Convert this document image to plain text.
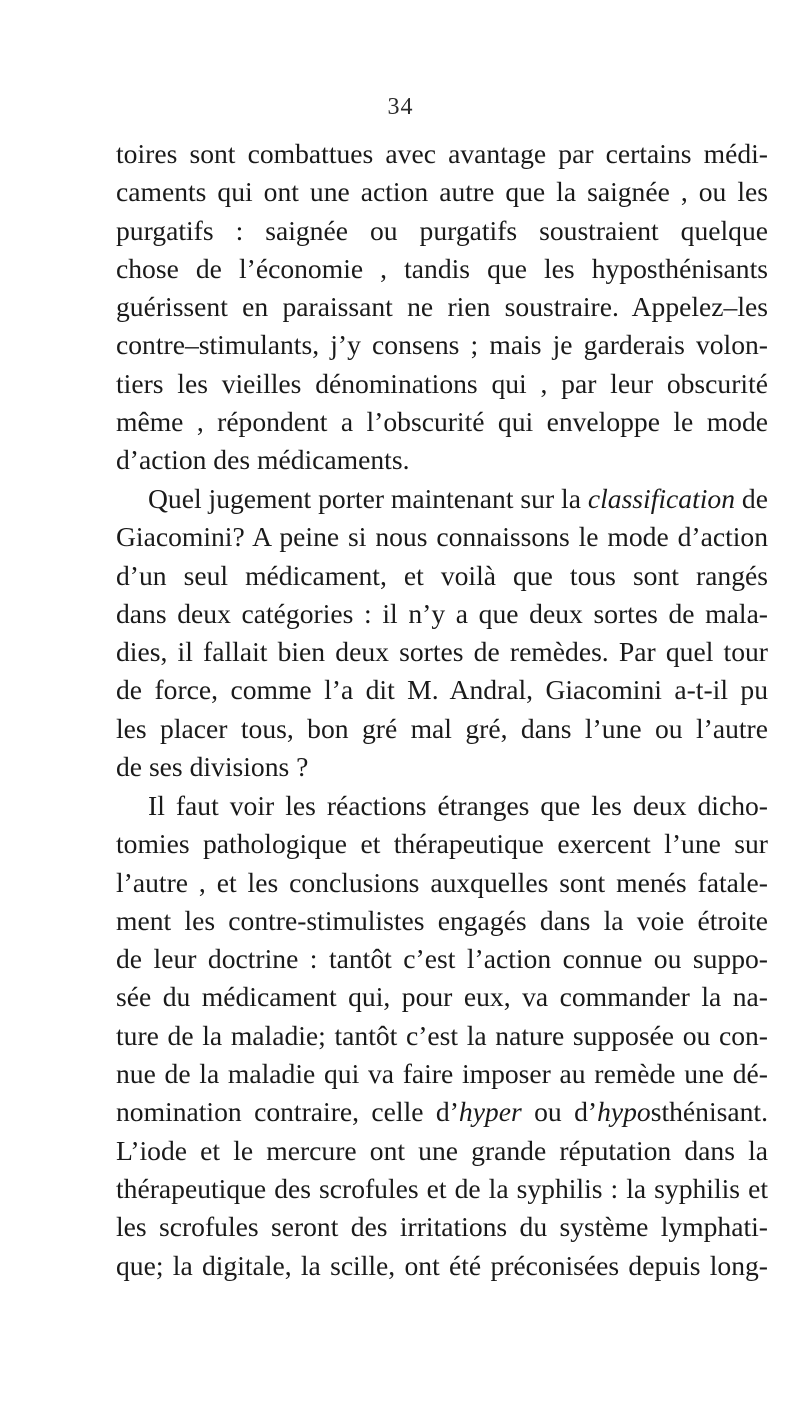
34
toires sont combattues avec avantage par certains médi-
caments qui ont une action autre que la saignée , ou les
purgatifs : saignée ou purgatifs soustraient quelque
chose de l’économie , tandis que les hyposthénisants
guérissent en paraissant ne rien soustraire. Appelez–les
contre–stimulants, j’y consens ; mais je garderais volon-
tiers les vieilles dénominations qui , par leur obscurité
même , répondent a l’obscurité qui enveloppe le mode
d’action des médicaments.
Quel jugement porter maintenant sur la classification de
Giacomini? A peine si nous connaissons le mode d’action
d’un seul médicament, et voilà que tous sont rangés
dans deux catégories : il n’y a que deux sortes de mala-
dies, il fallait bien deux sortes de remèdes. Par quel tour
de force, comme l’a dit M. Andral, Giacomini a-t-il pu
les placer tous, bon gré mal gré, dans l’une ou l’autre
de ses divisions ?
Il faut voir les réactions étranges que les deux dicho-
tomies pathologique et thérapeutique exercent l’une sur
l’autre , et les conclusions auxquelles sont menés fatale-
ment les contre-stimulistes engagés dans la voie étroite
de leur doctrine : tantôt c’est l’action connue ou suppo-
sée du médicament qui, pour eux, va commander la na-
ture de la maladie; tantôt c’est la nature supposée ou con-
nue de la maladie qui va faire imposer au remède une dé-
nomination contraire, celle d’hyper ou d’hyposthénisant.
L’iode et le mercure ont une grande réputation dans la
thérapeutique des scrofules et de la syphilis : la syphilis et
les scrofules seront des irritations du système lymphati-
que; la digitale, la scille, ont été préconisées depuis long-
